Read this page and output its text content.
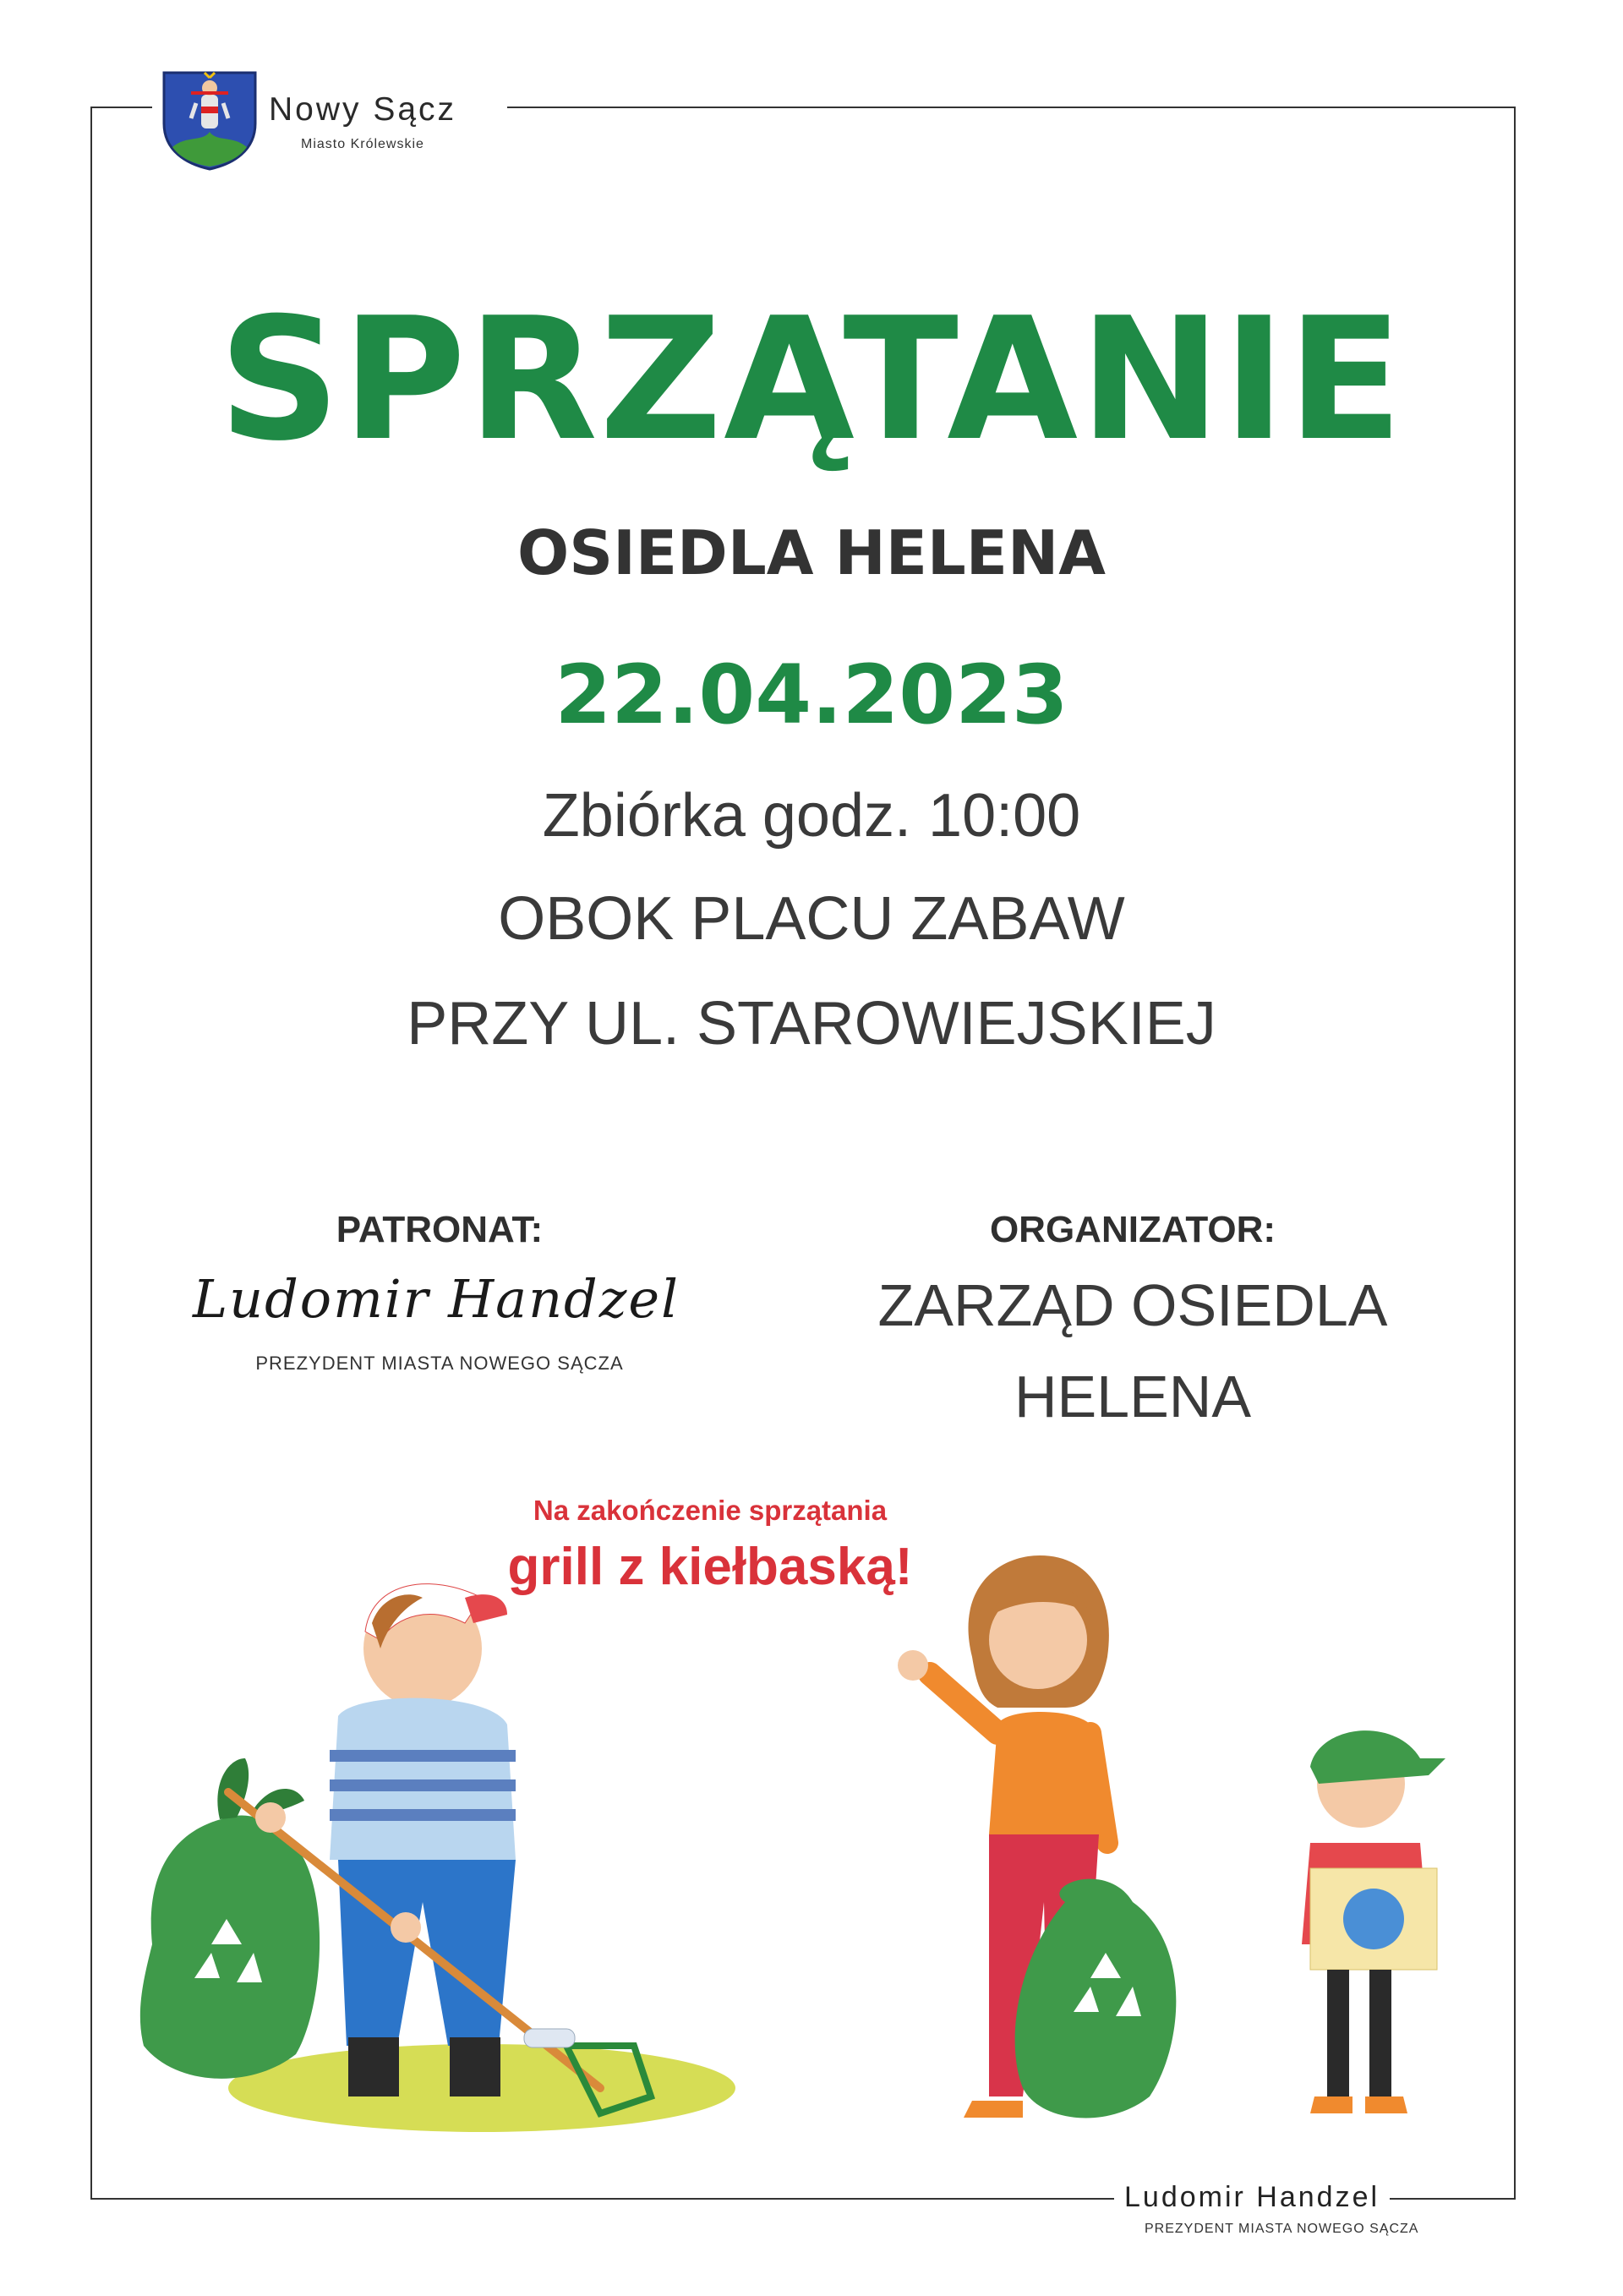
Nowy Sącz
Miasto Królewskie
SPRZĄTANIE
OSIEDLA HELENA
22.04.2023
Zbiórka godz. 10:00
OBOK PLACU ZABAW
PRZY UL. STAROWIEJSKIEJ
PATRONAT:
Ludomir Handzel
PREZYDENT MIASTA NOWEGO SĄCZA
ORGANIZATOR:
ZARZĄD OSIEDLA
HELENA
Na zakończenie sprzątania
grill z kiełbaską!
Ludomir Handzel
PREZYDENT MIASTA NOWEGO SĄCZA
